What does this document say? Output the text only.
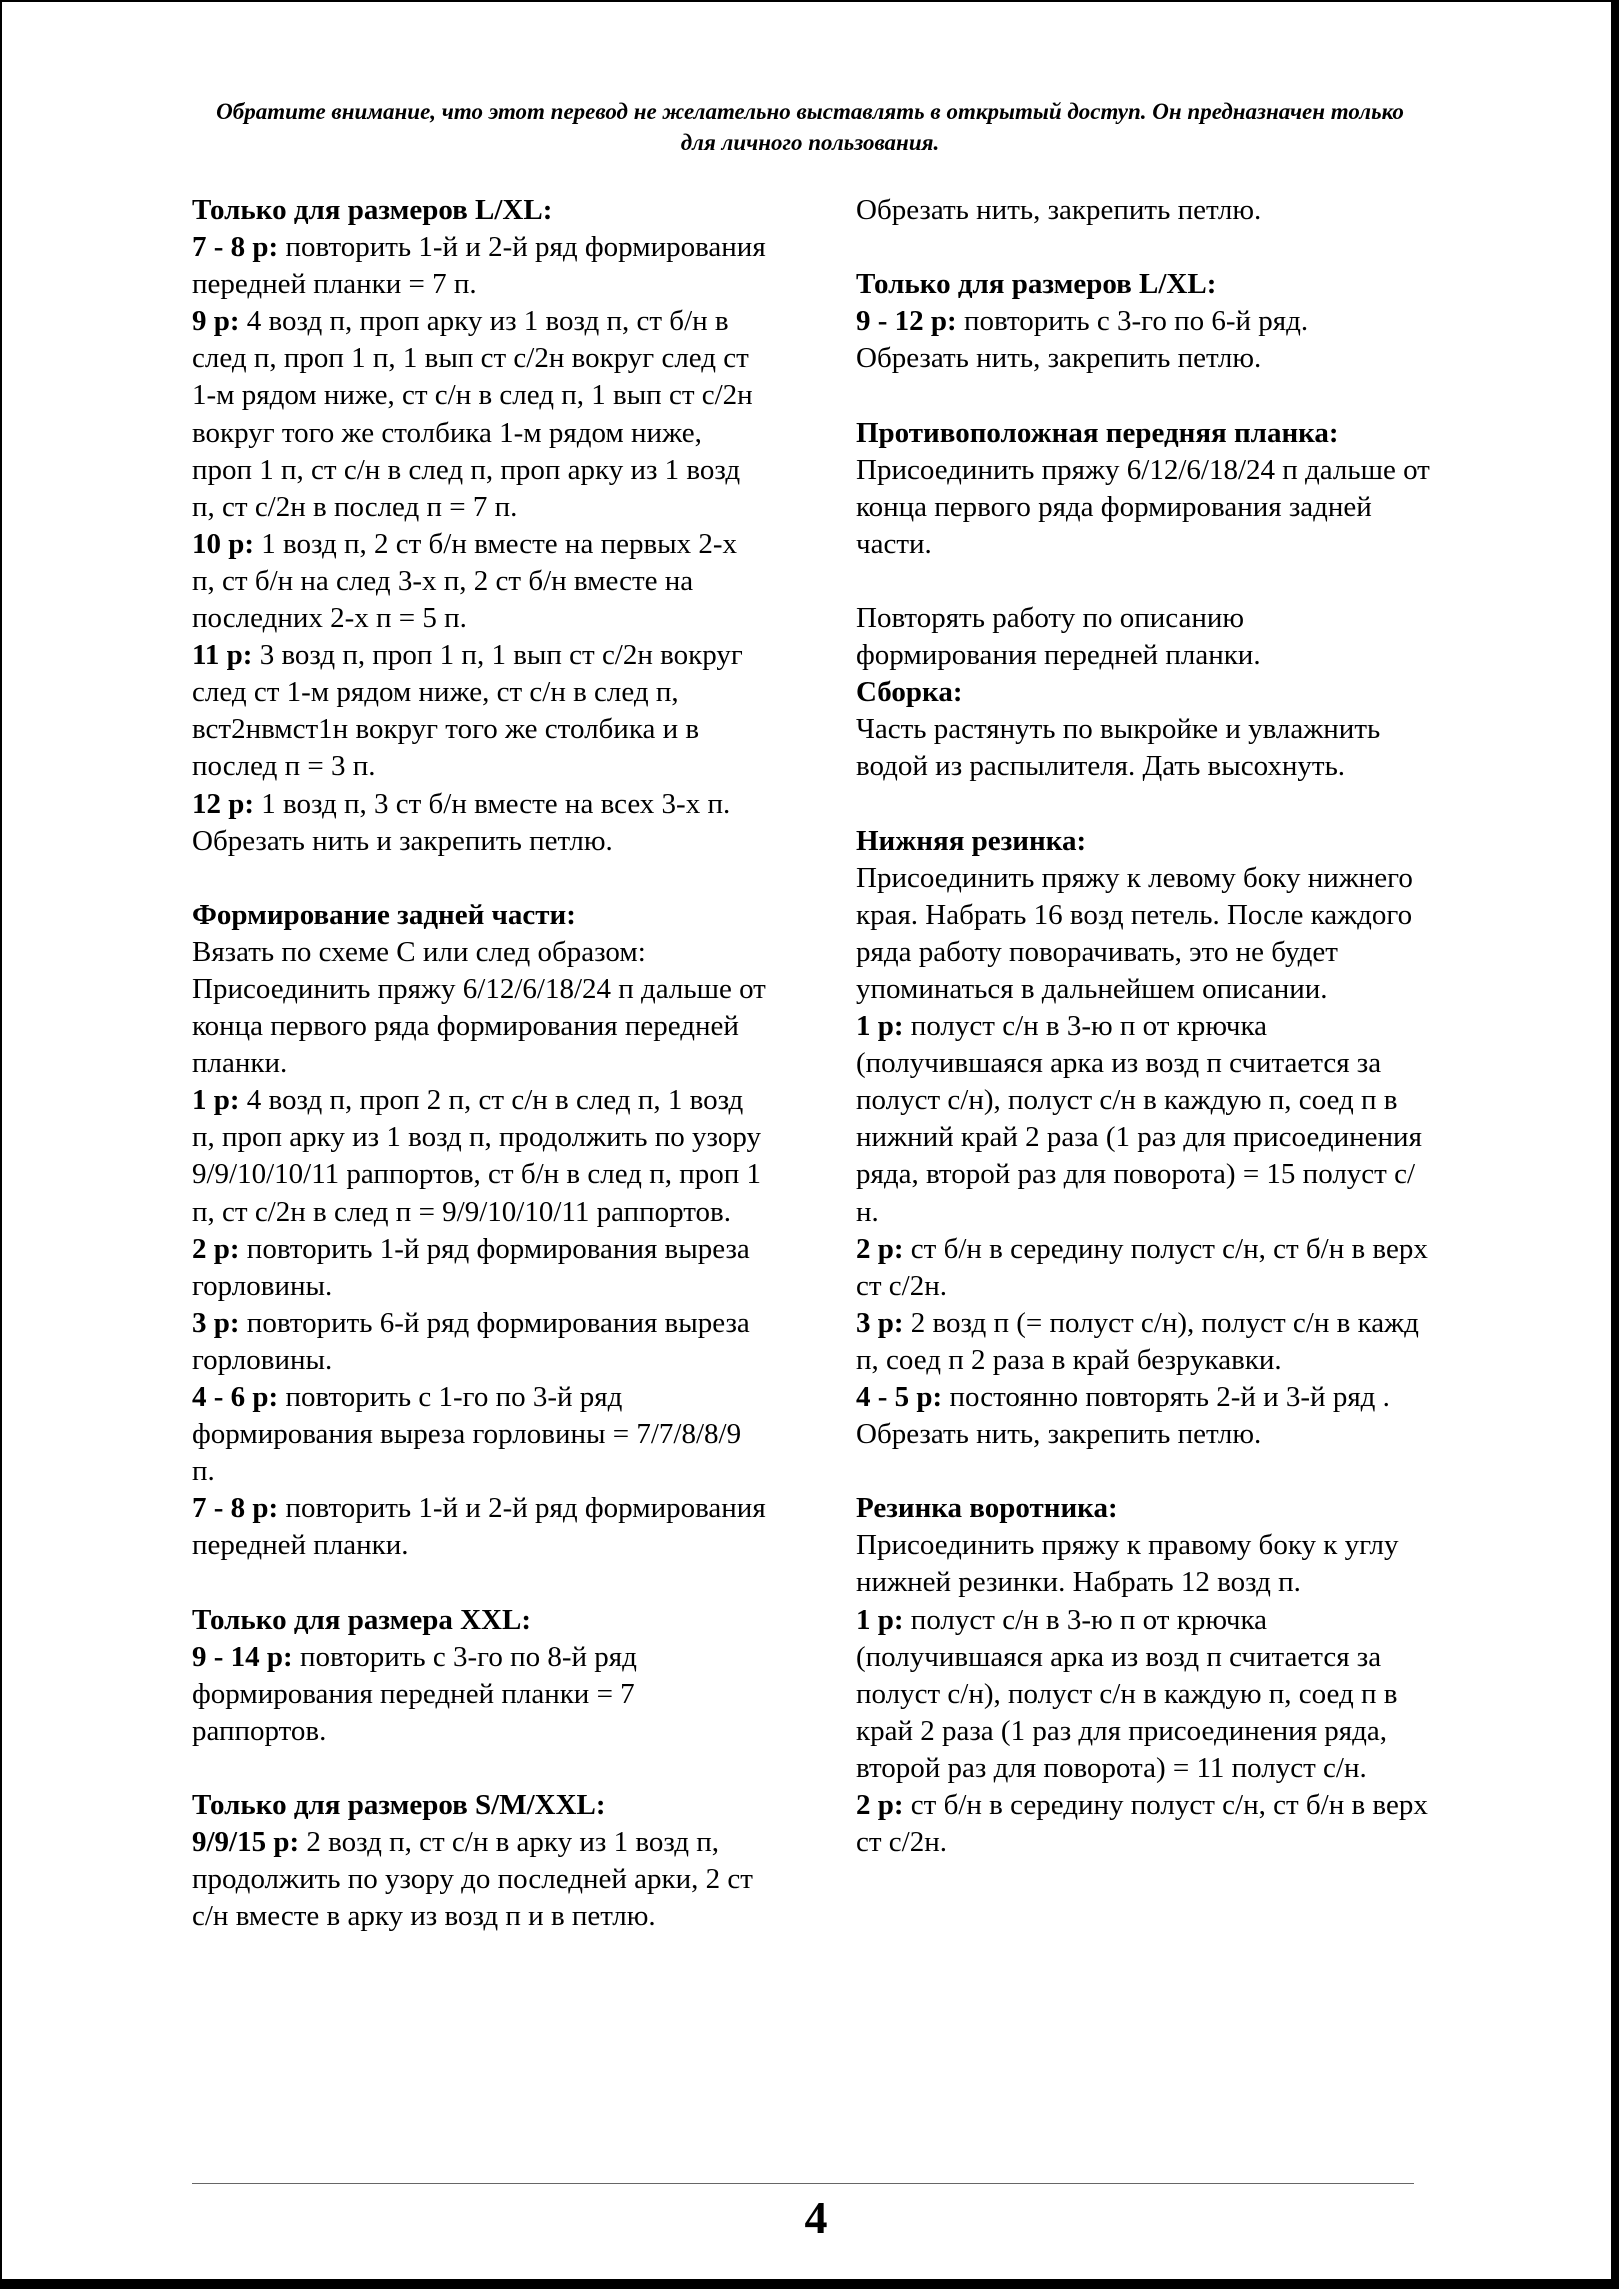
Обратите внимание, что этот перевод не желательно выставлять в открытый доступ. Он предназначен только для личного пользования.
Только для размеров L/XL:
7 - 8 р: повторить 1-й и 2-й ряд формирования передней планки = 7 п.
9 р: 4 возд п, проп арку из 1 возд п, ст б/н в след п, проп 1 п, 1 вып ст с/2н вокруг след ст 1-м рядом ниже, ст с/н в след п, 1 вып ст с/2н вокруг того же столбика 1-м рядом ниже, проп 1 п, ст с/н в след п, проп арку из 1 возд п, ст с/2н в послед п = 7 п.
10 р: 1 возд п, 2 ст б/н вместе на первых 2-х п, ст б/н на след 3-х п, 2 ст б/н вместе на последних 2-х п = 5 п.
11 р: 3 возд п, проп 1 п, 1 вып ст с/2н вокруг след ст 1-м рядом ниже, ст с/н в след п, вст2нвмст1н вокруг того же столбика и в послед п = 3 п.
12 р: 1 возд п, 3 ст б/н вместе на всех 3-х п.
Обрезать нить и закрепить петлю.
Формирование задней части:
Вязать по схеме С или след образом:
Присоединить пряжу 6/12/6/18/24 п дальше от конца первого ряда формирования передней планки.
1 р: 4 возд п, проп 2 п, ст с/н в след п, 1 возд п, проп арку из 1 возд п, продолжить по узору 9/9/10/10/11 раппортов, ст б/н в след п, проп 1 п, ст с/2н в след п = 9/9/10/10/11 раппортов.
2 р: повторить 1-й ряд формирования выреза горловины.
3 р: повторить 6-й ряд формирования выреза горловины.
4 - 6 р: повторить с 1-го по 3-й ряд формирования выреза горловины = 7/7/8/8/9 п.
7 - 8 р: повторить 1-й и 2-й ряд формирования передней планки.
Только для размера XXL:
9 - 14 р: повторить с 3-го по 8-й ряд формирования передней планки = 7 раппортов.
Только для размеров S/M/XXL:
9/9/15 р: 2 возд п, ст с/н в арку из 1 возд п, продолжить по узору до последней арки, 2 ст с/н вместе в арку из возд п и в петлю.
Обрезать нить, закрепить петлю.
Только для размеров L/XL:
9 - 12 р: повторить с 3-го по 6-й ряд.
Обрезать нить, закрепить петлю.
Противоположная передняя планка:
Присоединить пряжу 6/12/6/18/24 п дальше от конца первого ряда формирования задней части.
Повторять работу по описанию формирования передней планки.
Сборка:
Часть растянуть по выкройке и увлажнить водой из распылителя. Дать высохнуть.
Нижняя резинка:
Присоединить пряжу к левому боку нижнего края. Набрать 16 возд петель. После каждого ряда работу поворачивать, это не будет упоминаться в дальнейшем описании.
1 р: полуст с/н в 3-ю п от крючка (получившаяся арка из возд п считается за полуст с/н), полуст с/н в каждую п, соед п в нижний край 2 раза (1 раз для присоединения ряда, второй раз для поворота) = 15 полуст с/н.
2 р: ст б/н в середину полуст с/н, ст б/н в верх ст с/2н.
3 р: 2 возд п (= полуст с/н), полуст с/н в кажд п, соед п 2 раза в край безрукавки.
4 - 5 р: постоянно повторять 2-й и 3-й ряд .
Обрезать нить, закрепить петлю.
Резинка воротника:
Присоединить пряжу к правому боку к углу нижней резинки. Набрать 12 возд п.
1 р: полуст с/н в 3-ю п от крючка (получившаяся арка из возд п считается за полуст с/н), полуст с/н в каждую п, соед п в край 2 раза (1 раз для присоединения ряда, второй раз для поворота) = 11 полуст с/н.
2 р: ст б/н в середину полуст с/н, ст б/н в верх ст с/2н.
4
